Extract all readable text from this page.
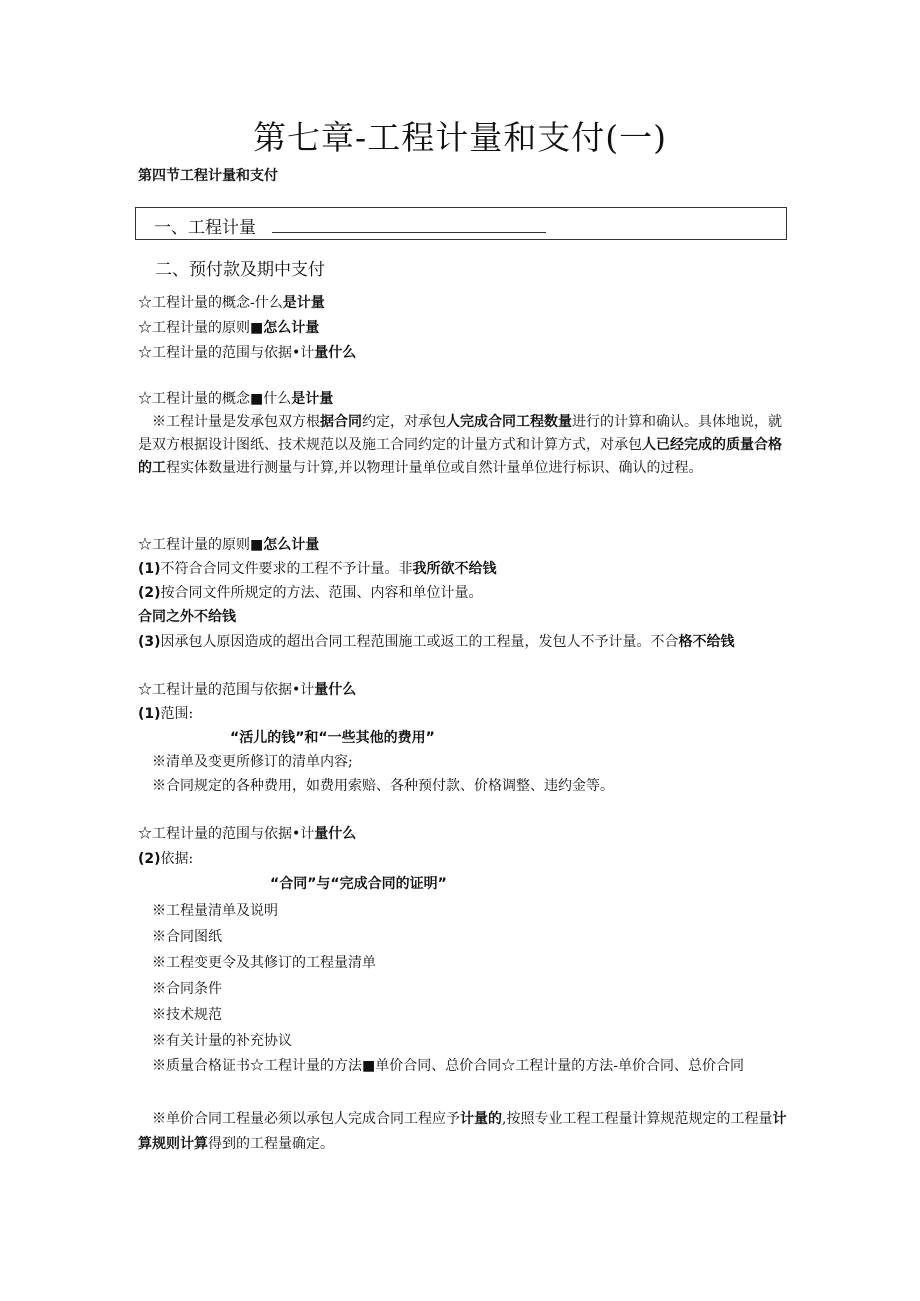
第七章-工程计量和支付(一)
第四节工程计量和支付
一、工程计量
二、预付款及期中支付
☆工程计量的概念-什么是计量
☆工程计量的原则■怎么计量
☆工程计量的范围与依据•计量什么
☆工程计量的概念■什么是计量
※工程计量是发承包双方根据合同约定，对承包人完成合同工程数量进行的计算和确认。具体地说，就是双方根据设计图纸、技术规范以及施工合同约定的计量方式和计算方式，对承包人已经完成的质量合格的工程实体数量进行测量与计算,并以物理计量单位或自然计量单位进行标识、确认的过程。
☆工程计量的原则■怎么计量
(1)不符合合同文件要求的工程不予计量。非我所欲不给钱
(2)按合同文件所规定的方法、范围、内容和单位计量。
合同之外不给钱
(3)因承包人原因造成的超出合同工程范围施工或返工的工程量，发包人不予计量。不合格不给钱
☆工程计量的范围与依据•计量什么
(1)范围:
“活儿的钱”和“一些其他的费用”
※清单及变更所修订的清单内容;
※合同规定的各种费用，如费用索赔、各种预付款、价格调整、违约金等。
☆工程计量的范围与依据•计量什么
(2)依据:
“合同”与“完成合同的证明”
※工程量清单及说明
※合同图纸
※工程变更令及其修订的工程量清单
※合同条件
※技术规范
※有关计量的补充协议
※质量合格证书☆工程计量的方法■单价合同、总价合同☆工程计量的方法-单价合同、总价合同
※单价合同工程量必须以承包人完成合同工程应予计量的,按照专业工程工程量计算规范规定的工程量计算规则计算得到的工程量确定。
